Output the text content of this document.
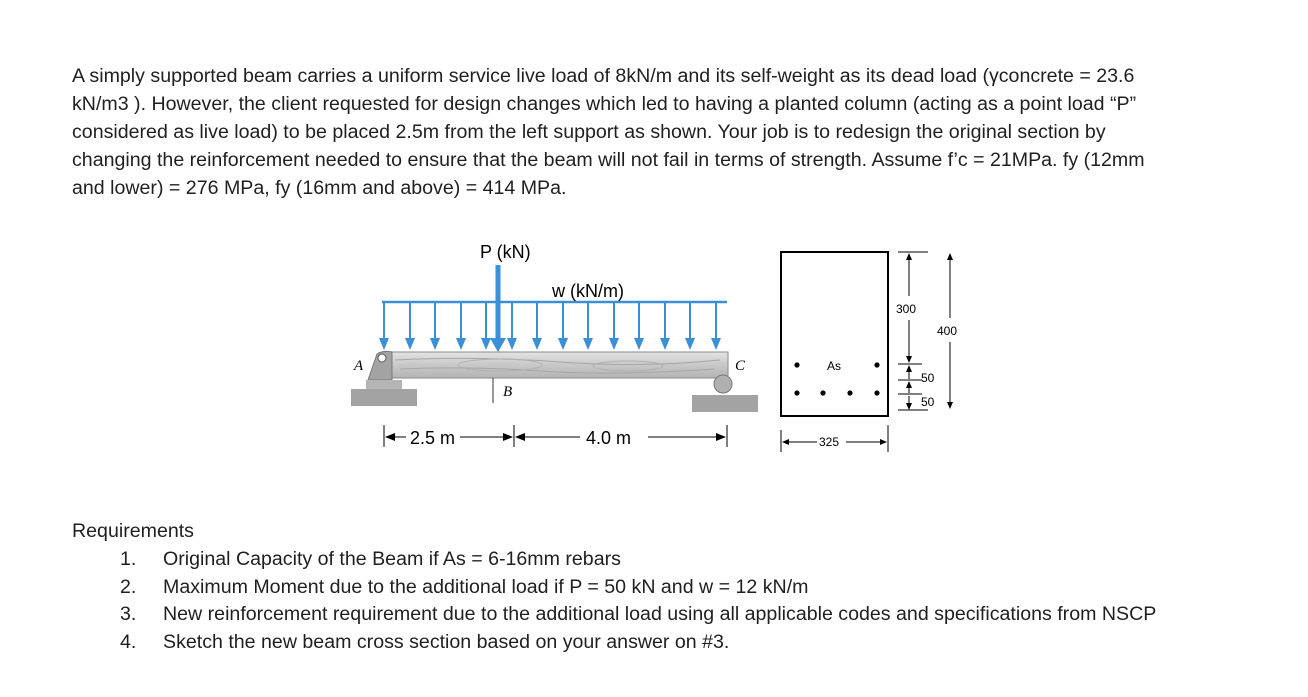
A simply supported beam carries a uniform service live load of 8kN/m and its self-weight as its dead load (γconcrete = 23.6
kN/m3 ). However, the client requested for design changes which led to having a planted column (acting as a point load “P”
considered as live load) to be placed 2.5m from the left support as shown. Your job is to redesign the original section by
changing the reinforcement needed to ensure that the beam will not fail in terms of strength. Assume f’c = 21MPa. fy (12mm
and lower) = 276 MPa, fy (16mm and above) = 414 MPa.
P (kN)
w (kN/m)
A
B
C
2.5 m	4.0 m
As
325
300
50
50
400
Requirements
1. Original Capacity of the Beam if As = 6-16mm rebars
2. Maximum Moment due to the additional load if P = 50 kN and w = 12 kN/m
3. New reinforcement requirement due to the additional load using all applicable codes and specifications from NSCP
4. Sketch the new beam cross section based on your answer on #3.
